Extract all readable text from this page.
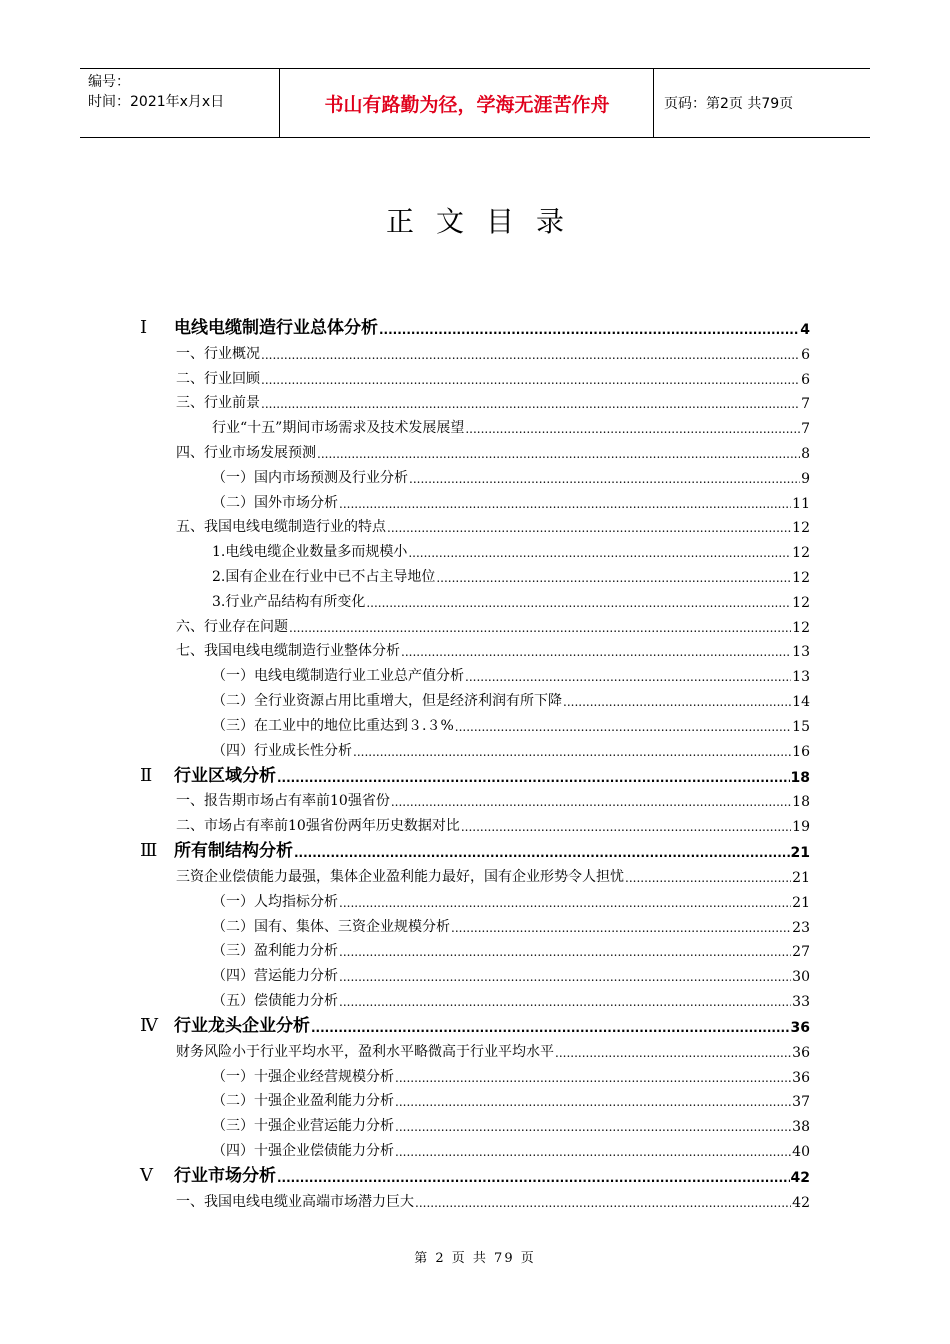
编号：
时间：2021年x月x日	书山有路勤为径，学海无涯苦作舟	页码：第2页 共79页
正文目录
Ⅰ 电线电缆制造行业总体分析 .....	4
一、行业概况 .....	6
二、行业回顾 .....	6
三、行业前景 .....	7
行业“十五”期间市场需求及技术发展展望 .....	7
四、行业市场发展预测 .....	8
（一）国内市场预测及行业分析 .....	9
（二）国外市场分析 .....	11
五、我国电线电缆制造行业的特点 .....	12
1.电线电缆企业数量多而规模小 .....	12
2.国有企业在行业中已不占主导地位 .....	12
3.行业产品结构有所变化 .....	12
六、行业存在问题 .....	12
七、我国电线电缆制造行业整体分析 .....	13
（一）电线电缆制造行业工业总产值分析 .....	13
（二）全行业资源占用比重增大，但是经济利润有所下降 .....	14
（三）在工业中的地位比重达到３.３% .....	15
（四）行业成长性分析 .....	16
Ⅱ 行业区域分析 .....	18
一、报告期市场占有率前10强省份 .....	18
二、市场占有率前10强省份两年历史数据对比 .....	19
Ⅲ 所有制结构分析 .....	21
三资企业偿债能力最强，集体企业盈利能力最好，国有企业形势令人担忧 .....	21
（一）人均指标分析 .....	21
（二）国有、集体、三资企业规模分析 .....	23
（三）盈利能力分析 .....	27
（四）营运能力分析 .....	30
（五）偿债能力分析 .....	33
Ⅳ 行业龙头企业分析 .....	36
财务风险小于行业平均水平，盈利水平略微高于行业平均水平 .....	36
（一）十强企业经营规模分析 .....	36
（二）十强企业盈利能力分析 .....	37
（三）十强企业营运能力分析 .....	38
（四）十强企业偿债能力分析 .....	40
Ⅴ 行业市场分析 .....	42
一、我国电线电缆业高端市场潜力巨大 .....	42
第 2 页 共 79 页
